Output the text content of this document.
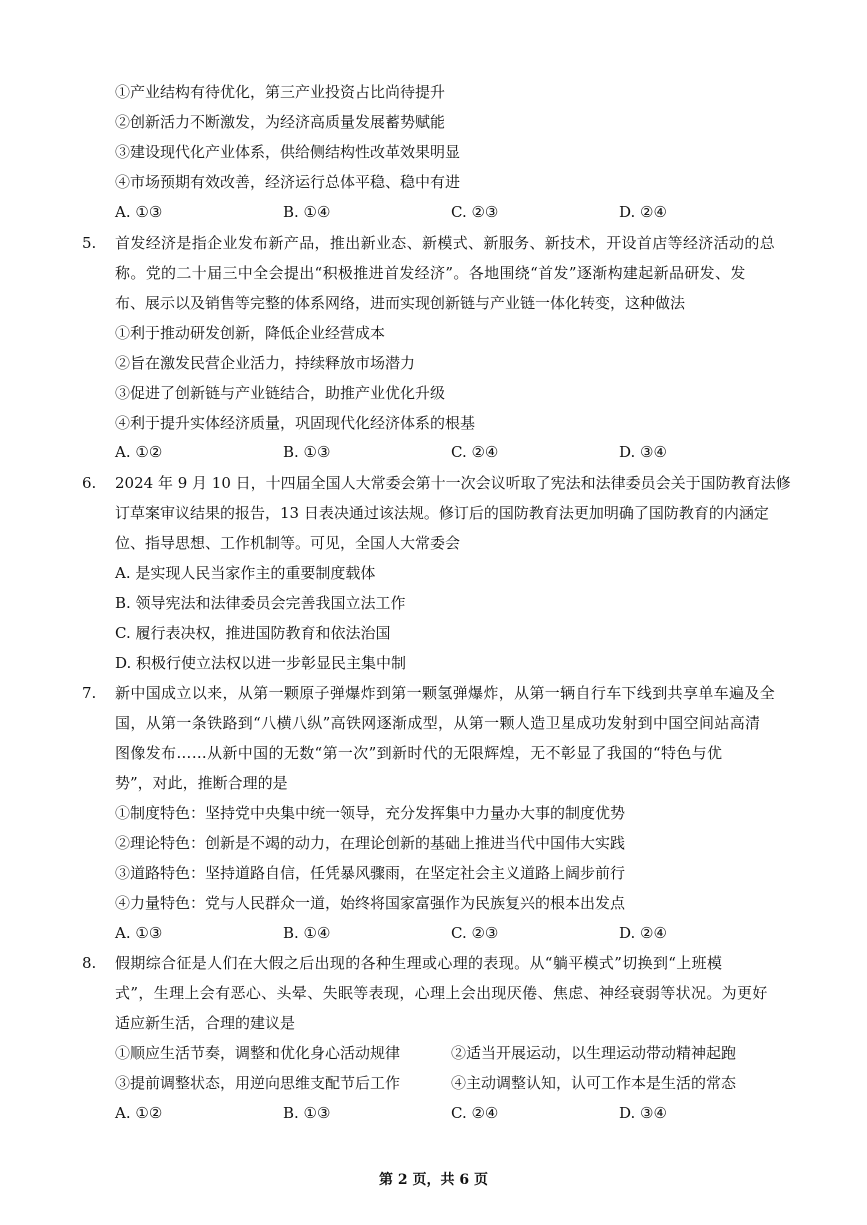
①产业结构有待优化，第三产业投资占比尚待提升
②创新活力不断激发，为经济高质量发展蓄势赋能
③建设现代化产业体系，供给侧结构性改革效果明显
④市场预期有效改善，经济运行总体平稳、稳中有进
A. ①③	B. ①④	C. ②③	D. ②④
5. 首发经济是指企业发布新产品，推出新业态、新模式、新服务、新技术，开设首店等经济活动的总
称。党的二十届三中全会提出“积极推进首发经济”。各地围绕“首发”逐渐构建起新品研发、发
布、展示以及销售等完整的体系网络，进而实现创新链与产业链一体化转变，这种做法
①利于推动研发创新，降低企业经营成本
②旨在激发民营企业活力，持续释放市场潜力
③促进了创新链与产业链结合，助推产业优化升级
④利于提升实体经济质量，巩固现代化经济体系的根基
A. ①②	B. ①③	C. ②④	D. ③④
6. 2024 年 9 月 10 日，十四届全国人大常委会第十一次会议听取了宪法和法律委员会关于国防教育法修
订草案审议结果的报告，13 日表决通过该法规。修订后的国防教育法更加明确了国防教育的内涵定
位、指导思想、工作机制等。可见，全国人大常委会
A. 是实现人民当家作主的重要制度载体
B. 领导宪法和法律委员会完善我国立法工作
C. 履行表决权，推进国防教育和依法治国
D. 积极行使立法权以进一步彰显民主集中制
7. 新中国成立以来，从第一颗原子弹爆炸到第一颗氢弹爆炸，从第一辆自行车下线到共享单车遍及全
国，从第一条铁路到“八横八纵”高铁网逐渐成型，从第一颗人造卫星成功发射到中国空间站高清
图像发布……从新中国的无数“第一次”到新时代的无限辉煌，无不彰显了我国的“特色与优
势”，对此，推断合理的是
①制度特色：坚持党中央集中统一领导，充分发挥集中力量办大事的制度优势
②理论特色：创新是不竭的动力，在理论创新的基础上推进当代中国伟大实践
③道路特色：坚持道路自信，任凭暴风骤雨，在坚定社会主义道路上阔步前行
④力量特色：党与人民群众一道，始终将国家富强作为民族复兴的根本出发点
A. ①③	B. ①④	C. ②③	D. ②④
8. 假期综合征是人们在大假之后出现的各种生理或心理的表现。从“躺平模式”切换到“上班模
式”，生理上会有恶心、头晕、失眠等表现，心理上会出现厌倦、焦虑、神经衰弱等状况。为更好
适应新生活，合理的建议是
①顺应生活节奏，调整和优化身心活动规律	②适当开展运动，以生理运动带动精神起跑
③提前调整状态，用逆向思维支配节后工作	④主动调整认知，认可工作本是生活的常态
A. ①②	B. ①③	C. ②④	D. ③④
第 2 页，共 6 页
